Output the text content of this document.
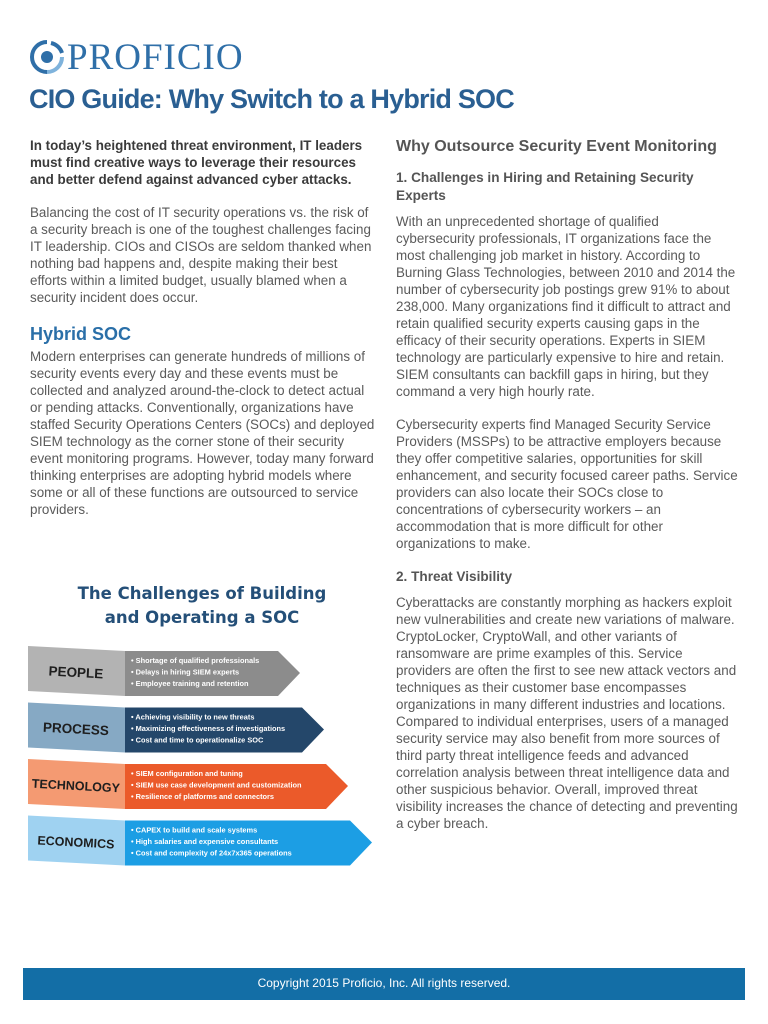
PROFICIO
CIO Guide: Why Switch to a Hybrid SOC

In today’s heightened threat environment, IT leaders must find creative ways to leverage their resources and better defend against advanced cyber attacks.

Balancing the cost of IT security operations vs. the risk of a security breach is one of the toughest challenges facing IT leadership. CIOs and CISOs are seldom thanked when nothing bad happens and, despite making their best efforts within a limited budget, usually blamed when a security incident does occur.

Hybrid SOC

Modern enterprises can generate hundreds of millions of security events every day and these events must be collected and analyzed around-the-clock to detect actual or pending attacks. Conventionally, organizations have staffed Security Operations Centers (SOCs) and deployed SIEM technology as the corner stone of their security event monitoring programs. However, today many forward thinking enterprises are adopting hybrid models where some or all of these functions are outsourced to service providers.

The Challenges of Building
and Operating a SOC
PEOPLE
• Shortage of qualified professionals
• Delays in hiring SIEM experts
• Employee training and retention
PROCESS
• Achieving visibility to new threats
• Maximizing effectiveness of investigations
• Cost and time to operationalize SOC
TECHNOLOGY
• SIEM configuration and tuning
• SIEM use case development and customization
• Resilience of platforms and connectors
ECONOMICS
• CAPEX to build and scale systems
• High salaries and expensive consultants
• Cost and complexity of 24x7x365 operations
Why Outsource Security Event Monitoring
1. Challenges in Hiring and Retaining Security Experts

With an unprecedented shortage of qualified cybersecurity professionals, IT organizations face the most challenging job market in history. According to Burning Glass Technologies, between 2010 and 2014 the number of cybersecurity job postings grew 91% to about 238,000. Many organizations find it difficult to attract and retain qualified security experts causing gaps in the efficacy of their security operations. Experts in SIEM technology are particularly expensive to hire and retain. SIEM consultants can backfill gaps in hiring, but they command a very high hourly rate.

Cybersecurity experts find Managed Security Service Providers (MSSPs) to be attractive employers because they offer competitive salaries, opportunities for skill enhancement, and security focused career paths. Service providers can also locate their SOCs close to concentrations of cybersecurity workers – an accommodation that is more difficult for other organizations to make.

2. Threat Visibility

Cyberattacks are constantly morphing as hackers exploit new vulnerabilities and create new variations of malware. CryptoLocker, CryptoWall, and other variants of ransomware are prime examples of this. Service providers are often the first to see new attack vectors and techniques as their customer base encompasses organizations in many different industries and locations. Compared to individual enterprises, users of a managed security service may also benefit from more sources of third party threat intelligence feeds and advanced correlation analysis between threat intelligence data and other suspicious behavior. Overall, improved threat visibility increases the chance of detecting and preventing a cyber breach.

Copyright 2015 Proficio, Inc. All rights reserved.
